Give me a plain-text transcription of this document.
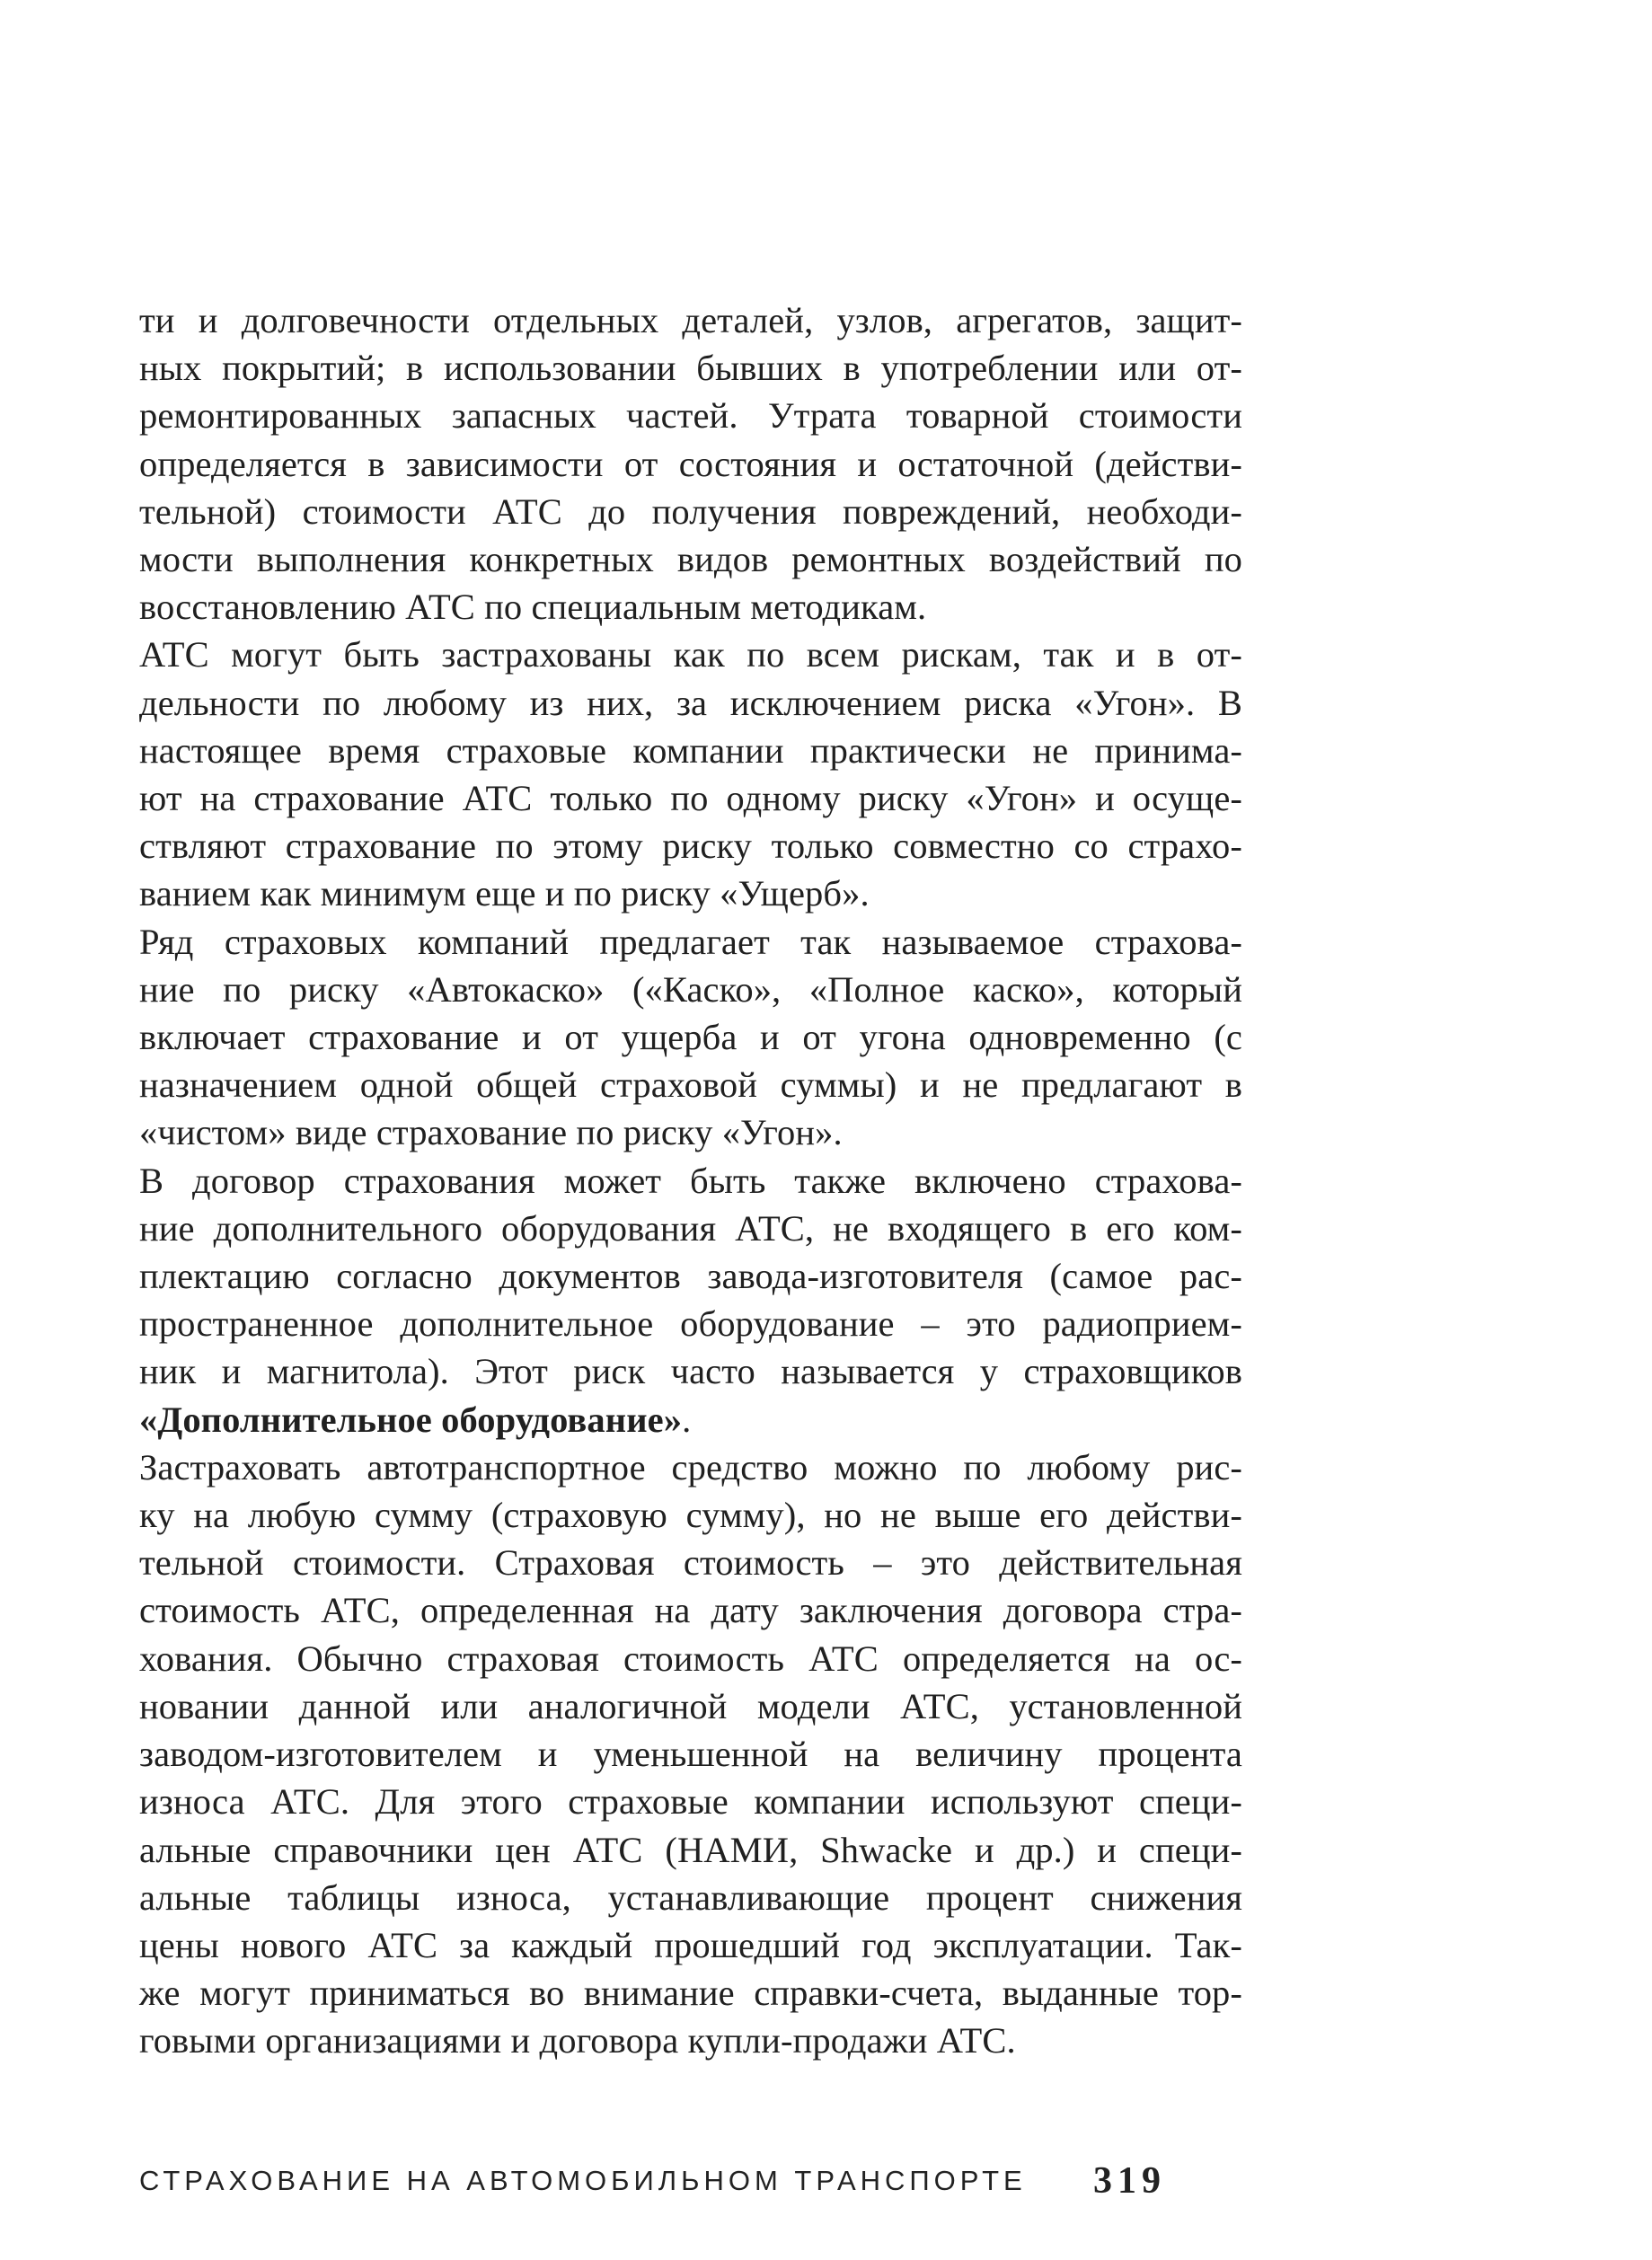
ти и долговечности отдельных деталей, узлов, агрегатов, защит-
ных покрытий; в использовании бывших в употреблении или от-
ремонтированных запасных частей. Утрата товарной стоимости
определяется в зависимости от состояния и остаточной (действи-
тельной) стоимости АТС до получения повреждений, необходи-
мости выполнения конкретных видов ремонтных воздействий по
восстановлению АТС по специальным методикам.

АТС могут быть застрахованы как по всем рискам, так и в от-
дельности по любому из них, за исключением риска «Угон». В
настоящее время страховые компании практически не принима-
ют на страхование АТС только по одному риску «Угон» и осуще-
ствляют страхование по этому риску только совместно со страхо-
ванием как минимум еще и по риску «Ущерб».

Ряд страховых компаний предлагает так называемое страхова-
ние по риску «Автокаско» («Каско», «Полное каско», который
включает страхование и от ущерба и от угона одновременно (с
назначением одной общей страховой суммы) и не предлагают в
«чистом» виде страхование по риску «Угон».

В договор страхования может быть также включено страхова-
ние дополнительного оборудования АТС, не входящего в его ком-
плектацию согласно документов завода-изготовителя (самое рас-
пространенное дополнительное оборудование – это радиоприем-
ник и магнитола). Этот риск часто называется у страховщиков
«Дополнительное оборудование».

Застраховать автотранспортное средство можно по любому рис-
ку на любую сумму (страховую сумму), но не выше его действи-
тельной стоимости. Страховая стоимость – это действительная
стоимость АТС, определенная на дату заключения договора стра-
хования. Обычно страховая стоимость АТС определяется на ос-
новании данной или аналогичной модели АТС, установленной
заводом-изготовителем и уменьшенной на величину процента
износа АТС. Для этого страховые компании используют специ-
альные справочники цен АТС (НАМИ, Shwacke и др.) и специ-
альные таблицы износа, устанавливающие процент снижения
цены нового АТС за каждый прошедший год эксплуатации. Так-
же могут приниматься во внимание справки-счета, выданные тор-
говыми организациями и договора купли-продажи АТС.

СТРАХОВАНИЕ НА АВТОМОБИЛЬНОМ ТРАНСПОРТЕ 319
